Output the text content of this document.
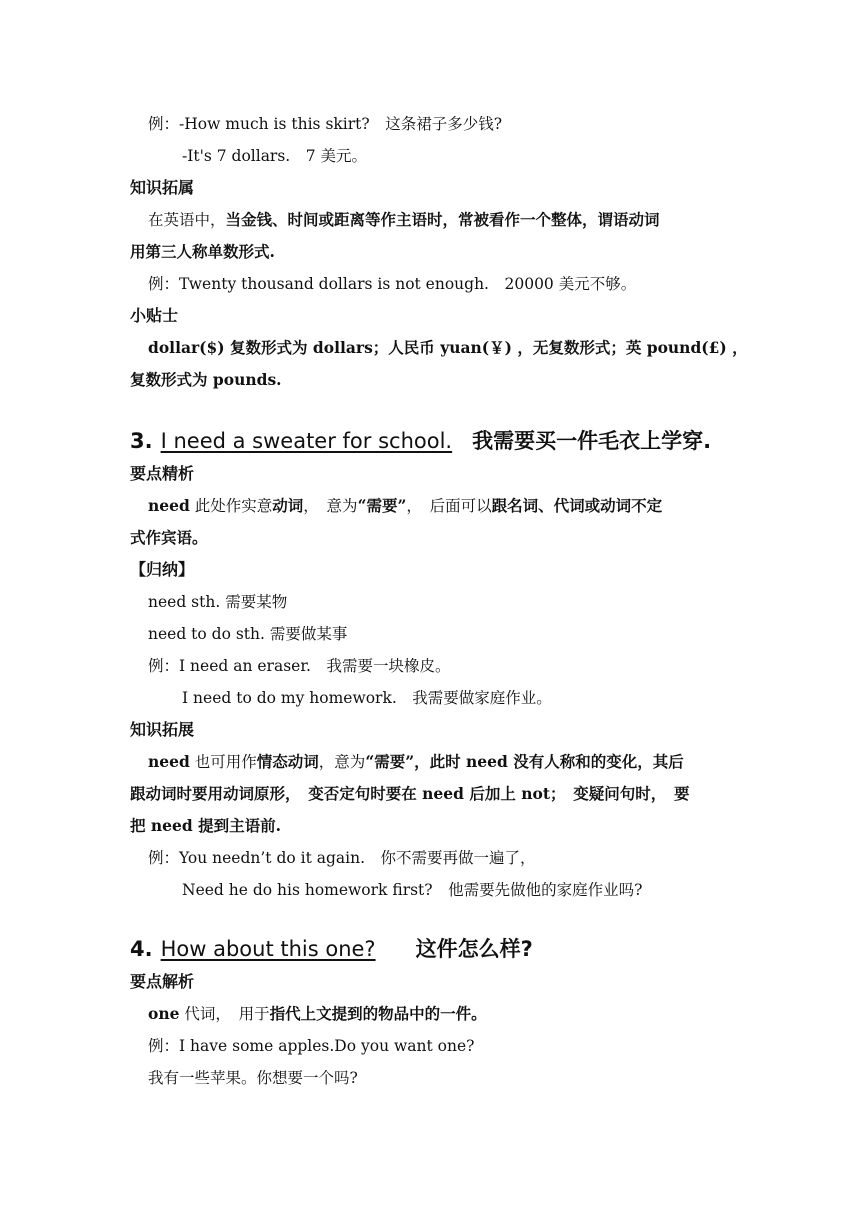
例：-How much is this skirt?　这条裙子多少钱?
-It's 7 dollars.　7 美元。
知识拓属
在英语中，当金钱、时间或距离等作主语时，常被看作一个整体，谓语动词
用第三人称单数形式.
例：Twenty thousand dollars is not enough.　20000 美元不够。
小贴士
dollar($) 复数形式为 dollars；人民币 yuan(￥) ，无复数形式；英 pound(£) ，
复数形式为 pounds.
3. I need a sweater for school. 我需要买一件毛衣上学穿.
要点精析
need 此处作实意动词，　意为“需要”，　后面可以跟名词、代词或动词不定
式作宾语。
【归纳】
need sth. 需要某物
need to do sth. 需要做某事
例：I need an eraser.　我需要一块橡皮。
I need to do my homework.　我需要做家庭作业。
知识拓展
need 也可用作情态动词，意为“需要”，此时 need 没有人称和的变化，其后
跟动词时要用动词原形，　变否定句时要在 need 后加上 not；　变疑问句时，　要
把 need 提到主语前.
例：You needn’t do it again.　你不需要再做一遍了，
Need he do his homework first?　他需要先做他的家庭作业吗?
4. How about this one? 这件怎么样?
要点解析
one 代词，　用于指代上文提到的物品中的一件。
例：I have some apples.Do you want one?
我有一些苹果。你想要一个吗?
